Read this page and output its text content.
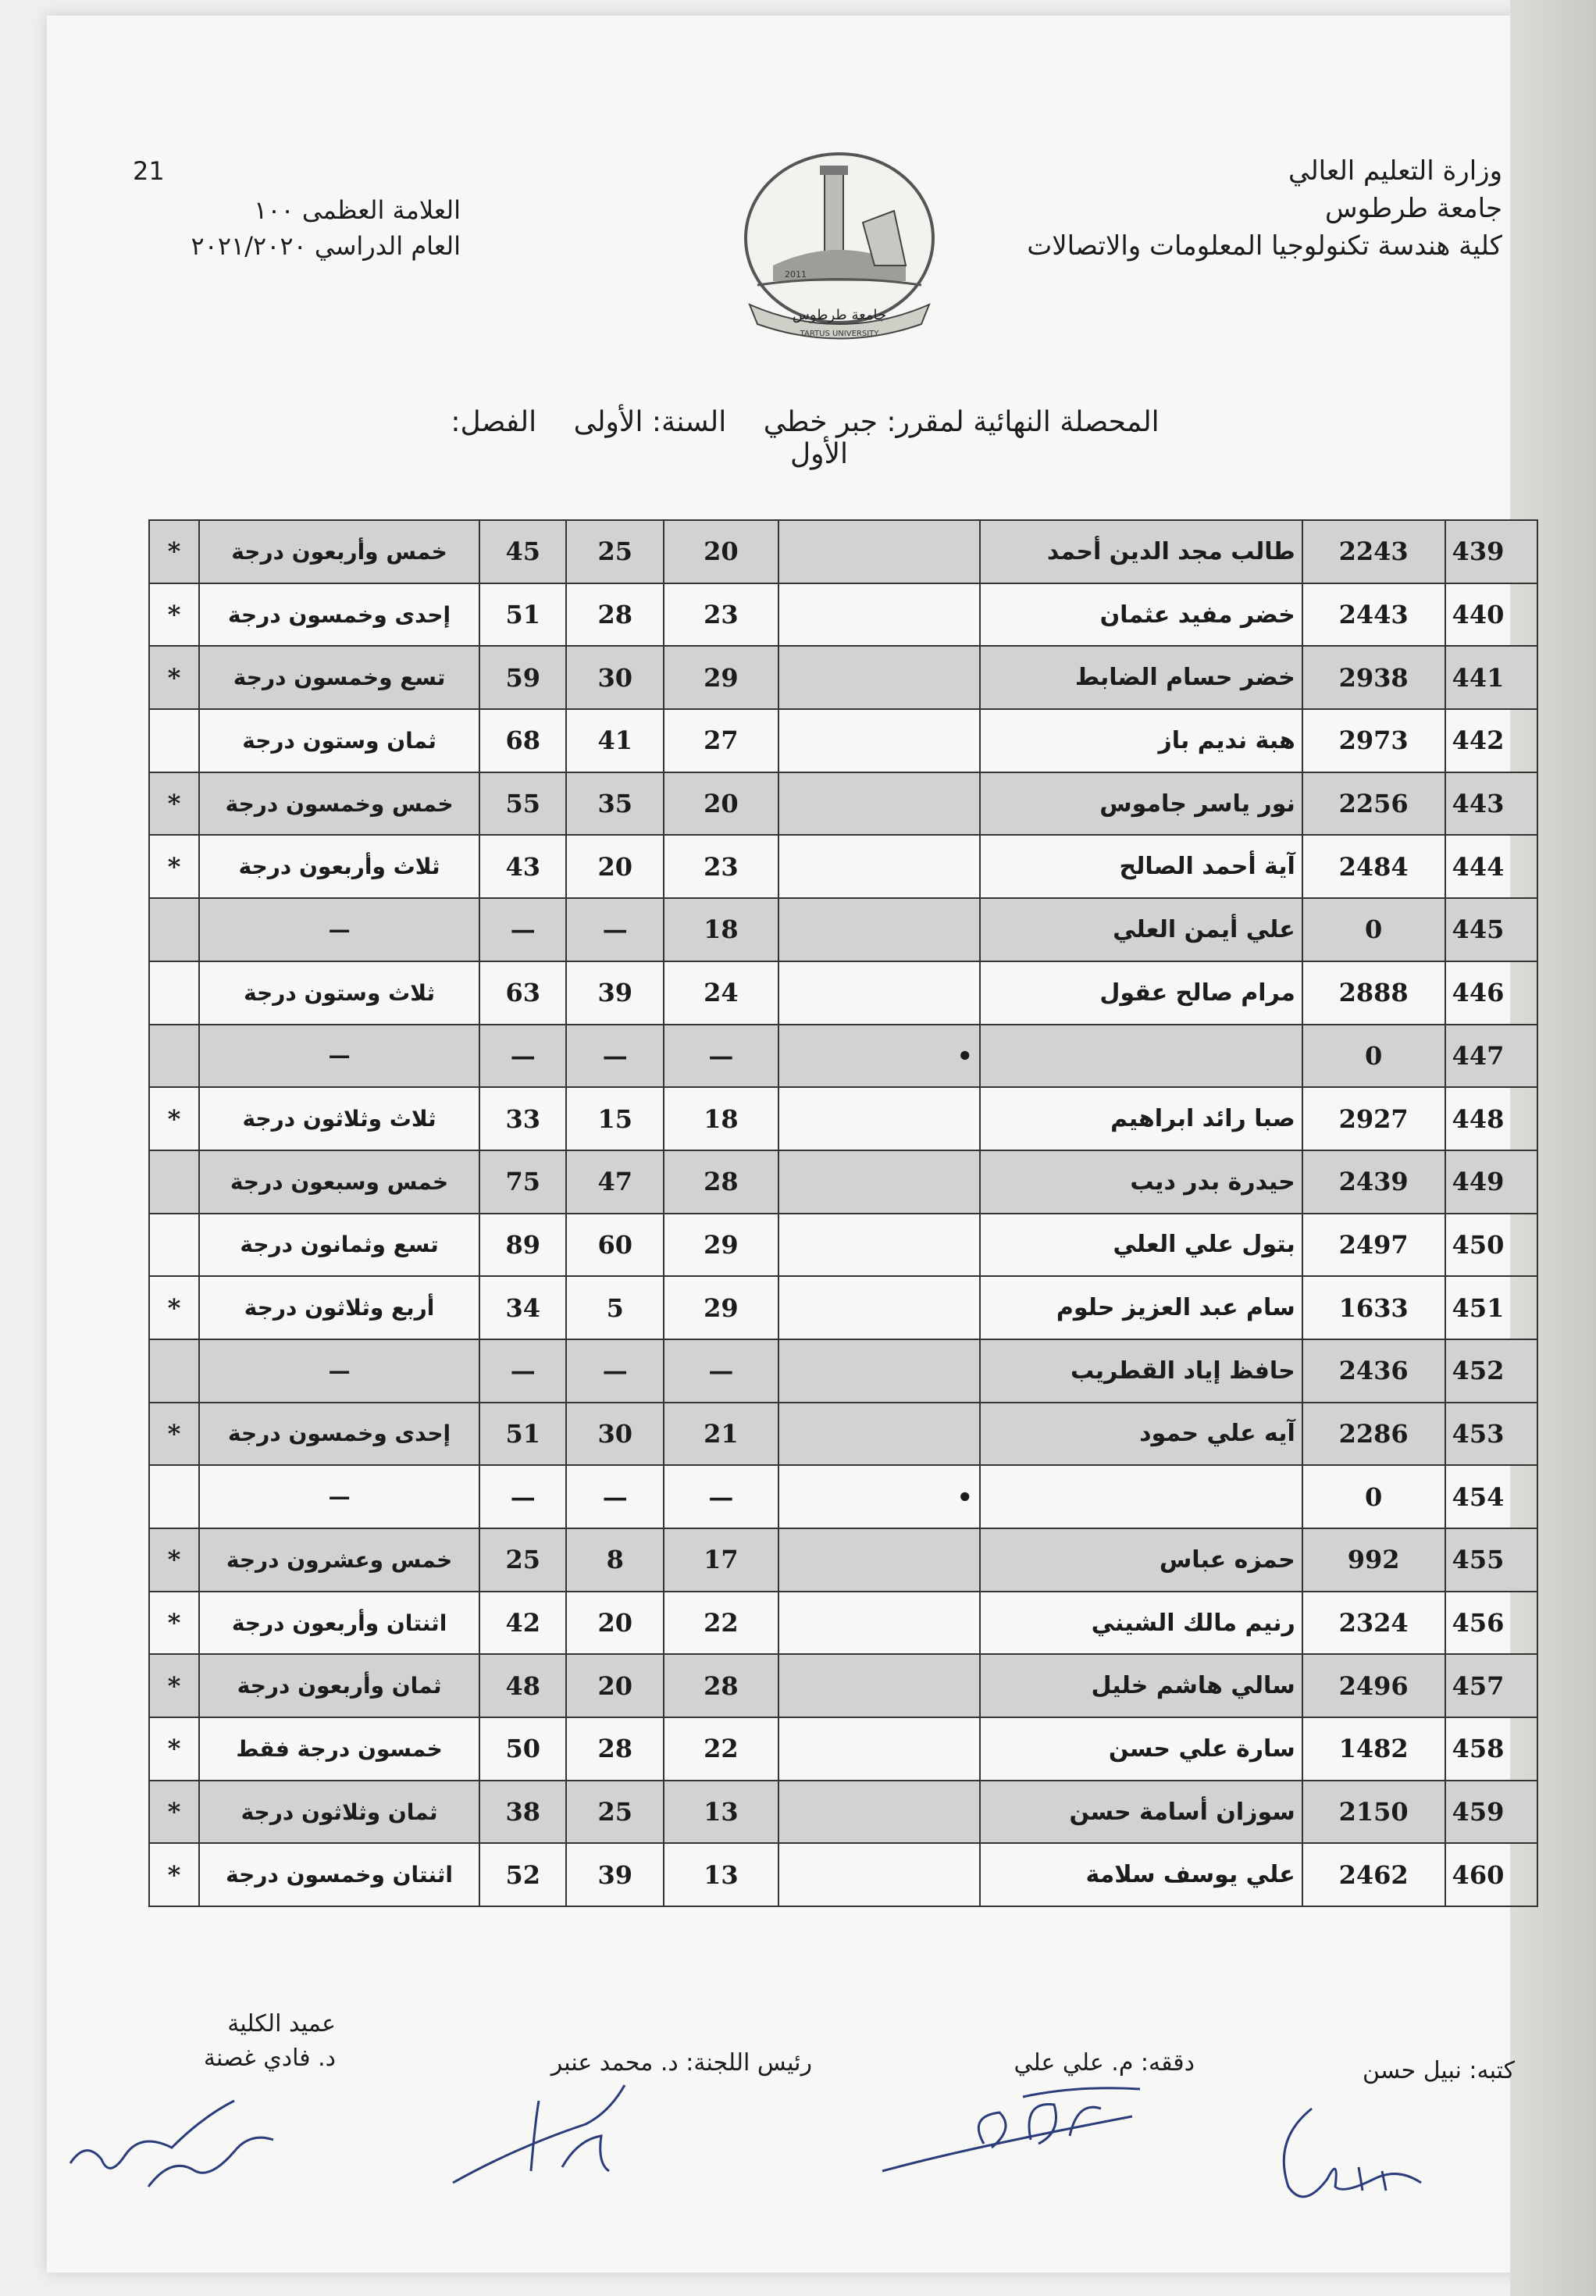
وزارة التعليم العالي
جامعة طرطوس
كلية هندسة تكنولوجيا المعلومات والاتصالات
21
العلامة العظمى ١٠٠
العام الدراسي ٢٠٢١/٢٠٢٠
جامعة طرطوس
TARTUS UNIVERSITY
2011
المحصلة النهائية لمقرر: جبر خطي السنة: الأولى الفصل: الأول
439	2243	طالب مجد الدين أحمد		20	25	45	خمس وأربعون درجة	*
440	2443	خضر مفيد عثمان		23	28	51	إحدى وخمسون درجة	*
441	2938	خضر حسام الضابط		29	30	59	تسع وخمسون درجة	*
442	2973	هبة نديم باز		27	41	68	ثمان وستون درجة	
443	2256	نور ياسر جاموس		20	35	55	خمس وخمسون درجة	*
444	2484	آية أحمد الصالح		23	20	43	ثلاث وأربعون درجة	*
445	0	علي أيمن العلي		18	—	—	—	
446	2888	مرام صالح عقول		24	39	63	ثلاث وستون درجة	
447	0		•	—	—	—	—	
448	2927	صبا رائد ابراهيم		18	15	33	ثلاث وثلاثون درجة	*
449	2439	حيدرة بدر ديب		28	47	75	خمس وسبعون درجة	
450	2497	بتول علي العلي		29	60	89	تسع وثمانون درجة	
451	1633	سام عبد العزيز حلوم		29	5	34	أربع وثلاثون درجة	*
452	2436	حافظ إياد القطريب		—	—	—	—	
453	2286	آيه علي حمود		21	30	51	إحدى وخمسون درجة	*
454	0		•	—	—	—	—	
455	992	حمزه عباس		17	8	25	خمس وعشرون درجة	*
456	2324	رنيم مالك الشيني		22	20	42	اثنتان وأربعون درجة	*
457	2496	سالي هاشم خليل		28	20	48	ثمان وأربعون درجة	*
458	1482	سارة علي حسن		22	28	50	خمسون درجة فقط	*
459	2150	سوزان أسامة حسن		13	25	38	ثمان وثلاثون درجة	*
460	2462	علي يوسف سلامة		13	39	52	اثنتان وخمسون درجة	*
كتبه: نبيل حسن
دققه: م. علي علي
رئيس اللجنة: د. محمد عنبر
عميد الكلية
د. فادي غصنة
